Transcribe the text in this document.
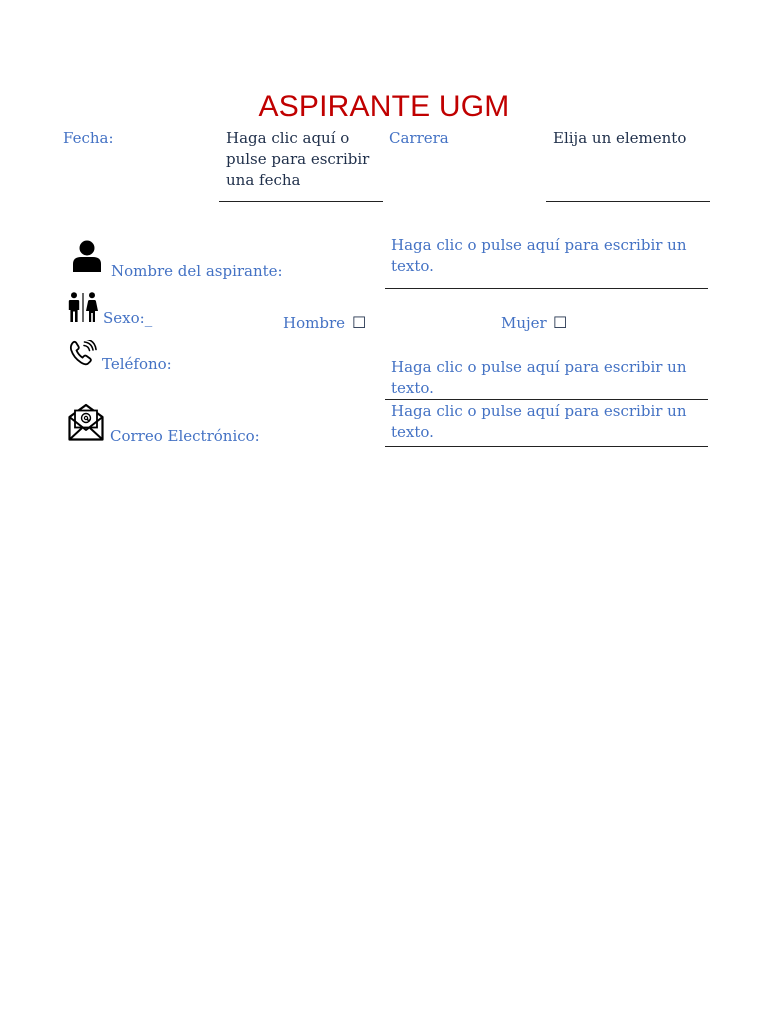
ASPIRANTE UGM
Fecha:	Haga clic aquí o pulse para escribir una fecha
Carrera	Elija un elemento
Nombre del aspirante:
Haga clic o pulse aquí para escribir un texto.
Sexo:_	Hombre ☐	Mujer ☐
Teléfono:	Haga clic o pulse aquí para escribir un texto.
Correo Electrónico:
Haga clic o pulse aquí para escribir un texto.
